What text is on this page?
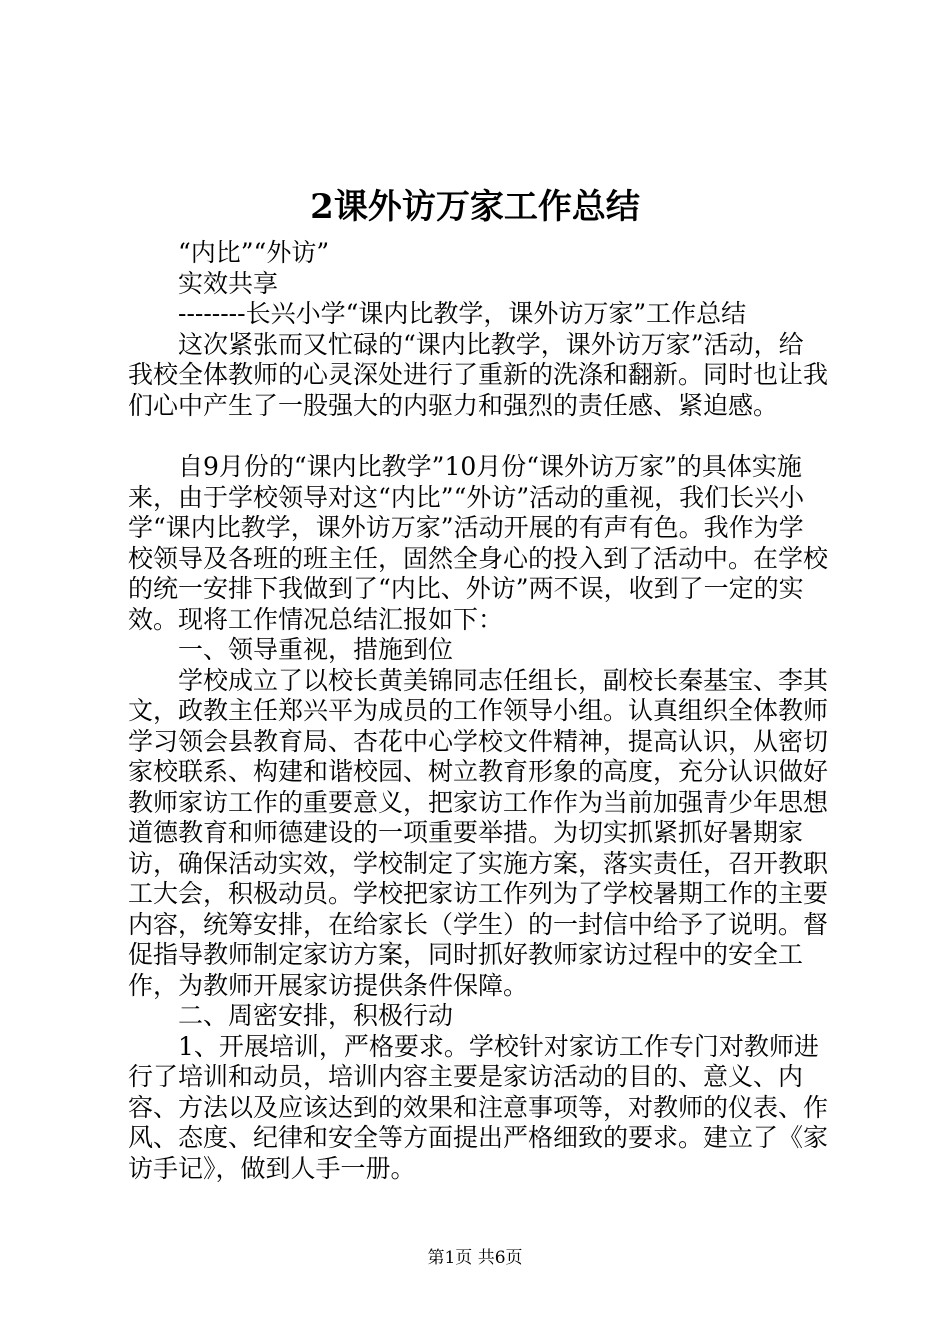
2课外访万家工作总结

“内比”“外访”

实效共享

--------长兴小学“课内比教学，课外访万家”工作总结

这次紧张而又忙碌的“课内比教学，课外访万家”活动，给我校全体教师的心灵深处进行了重新的洗涤和翻新。同时也让我们心中产生了一股强大的内驱力和强烈的责任感、紧迫感。

自9月份的“课内比教学”10月份“课外访万家”的具体实施来，由于学校领导对这“内比”“外访”活动的重视，我们长兴小学“课内比教学，课外访万家”活动开展的有声有色。我作为学校领导及各班的班主任，固然全身心的投入到了活动中。在学校的统一安排下我做到了“内比、外访”两不误，收到了一定的实效。现将工作情况总结汇报如下：

一、领导重视，措施到位

学校成立了以校长黄美锦同志任组长，副校长秦基宝、李其文，政教主任郑兴平为成员的工作领导小组。认真组织全体教师学习领会县教育局、杏花中心学校文件精神，提高认识，从密切家校联系、构建和谐校园、树立教育形象的高度，充分认识做好教师家访工作的重要意义，把家访工作作为当前加强青少年思想道德教育和师德建设的一项重要举措。为切实抓紧抓好暑期家访，确保活动实效，学校制定了实施方案，落实责任，召开教职工大会，积极动员。学校把家访工作列为了学校暑期工作的主要内容，统筹安排，在给家长（学生）的一封信中给予了说明。督促指导教师制定家访方案，同时抓好教师家访过程中的安全工作，为教师开展家访提供条件保障。

二、周密安排，积极行动

1、开展培训，严格要求。学校针对家访工作专门对教师进行了培训和动员，培训内容主要是家访活动的目的、意义、内容、方法以及应该达到的效果和注意事项等，对教师的仪表、作风、态度、纪律和安全等方面提出严格细致的要求。建立了《家访手记》，做到人手一册。

第1页 共6页
